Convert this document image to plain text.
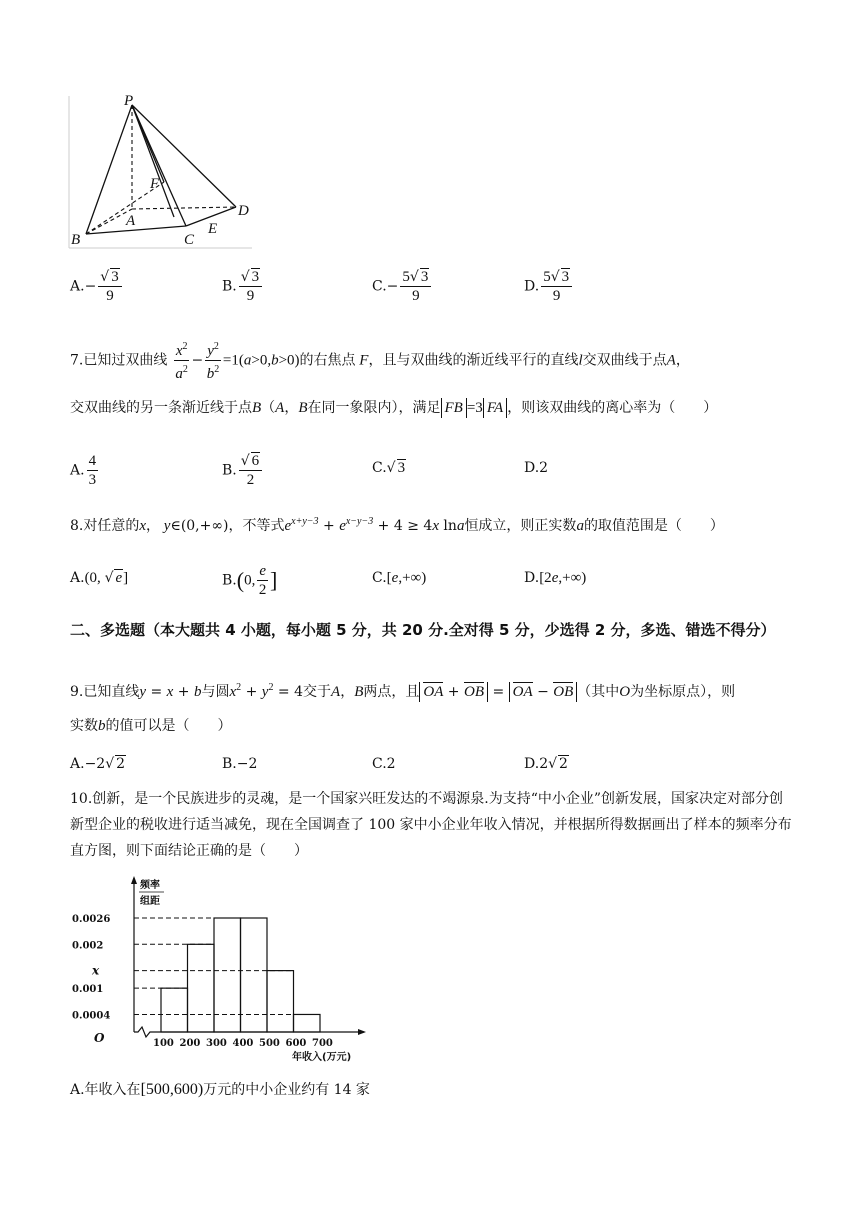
P
F
A
B	C
D
E
$A.- \frac{√ 3}{9}$	B. $\frac{√ 3}{9}$	$C.- \frac{5√ 3}{9}$	D. $\frac{5√ 3}{9}$
7.已知过双曲线 $\frac{x^2}{a^2} - \frac{y^2}{b^2} =1(a>0,b>0)$的右焦点 F，且与双曲线的渐近线平行的直线l交双曲线于点A，
交双曲线的另一条渐近线于点B（A，B在同一象限内），满足 FB =3 FA ，则该双曲线的离心率为（　　）
A. $\frac{4}{3}$	B. $\frac{√ 6}{2}$	C.√ 3	D.2
8.对任意的x， y∈(0,+∞)，不等式$e^{x+y-3} + e^{x-y-3} + 4 \ge 4x$ lna恒成立，则正实数a的取值范围是（　　）
A.(0, √ e]	B.(0, $\frac{e}{2}$ ]	C.[e,+∞)	D.[2e,+∞)
二、多选题（本大题共 4 小题，每小题 5 分，共 20 分.全对得 5 分，少选得 2 分，多选、错选不得分）
9.已知直线y = x + b与圆$x^2 + y^2 = 4$交于A，B两点，且 OA + OB = OA − OB （其中O为坐标原点），则
实数b的值可以是（　　）
A.−2√ 2	B.−2	C.2	D.2√ 2
10.创新，是一个民族进步的灵魂，是一个国家兴旺发达的不竭源泉.为支持“中小企业”创新发展，国家决定对部分创新型企业的税收进行适当减免，现在全国调查了 100 家中小企业年收入情况，并根据所得数据画出了样本的频率分布直方图，则下面结论正确的是（　　）
频率
组距
O
0.0026
0.002
x
0.001
0.0004
100 200 300 400 500 600 700
年收入(万元)
A.年收入在[500,600)万元的中小企业约有 14 家
